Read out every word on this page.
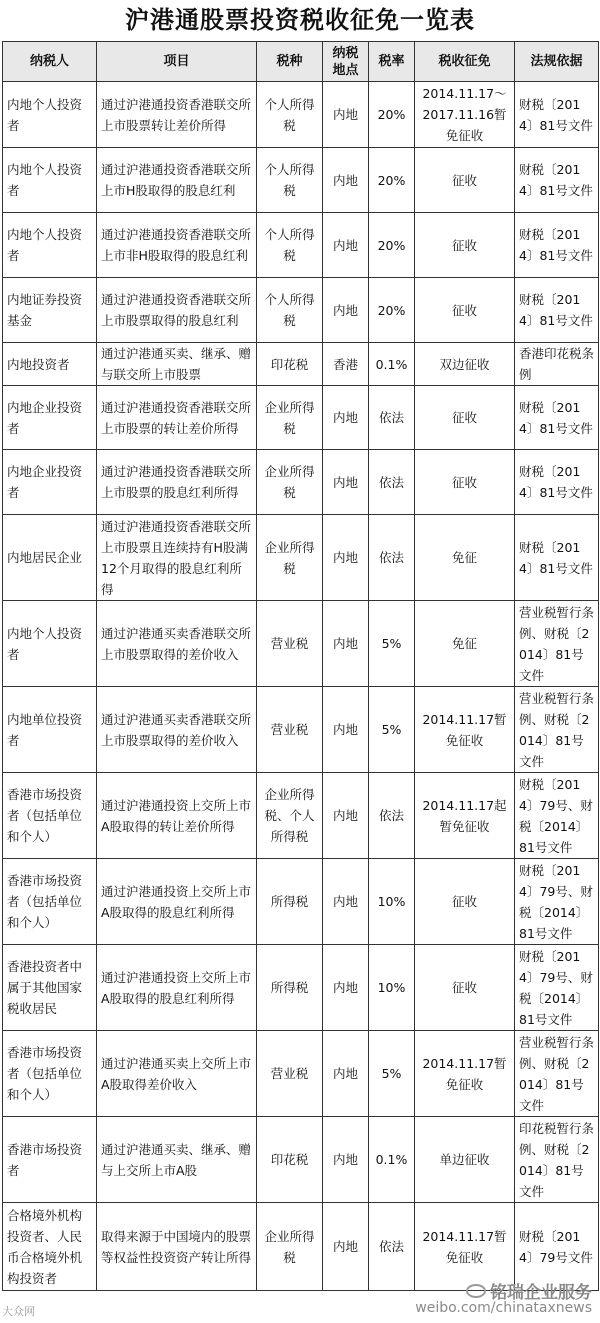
沪港通股票投资税收征免一览表
纳税人	项目	税种	纳税地点	税率	税收征免	法规依据
内地个人投资者	通过沪港通投资香港联交所上市股票转让差价所得	个人所得税	内地	20%	2014.11.17～2017.11.16暂免征收	财税〔2014〕81号文件
内地个人投资者	通过沪港通投资香港联交所上市H股取得的股息红利	个人所得税	内地	20%	征收	财税〔2014〕81号文件
内地个人投资者	通过沪港通投资香港联交所上市非H股取得的股息红利	个人所得税	内地	20%	征收	财税〔2014〕81号文件
内地证券投资基金	通过沪港通投资香港联交所上市股票取得的股息红利	个人所得税	内地	20%	征收	财税〔2014〕81号文件
内地投资者	通过沪港通买卖、继承、赠与联交所上市股票	印花税	香港	0.1%	双边征收	香港印花税条例
内地企业投资者	通过沪港通投资香港联交所上市股票的转让差价所得	企业所得税	内地	依法	征收	财税〔2014〕81号文件
内地企业投资者	通过沪港通投资香港联交所上市股票的股息红利所得	企业所得税	内地	依法	征收	财税〔2014〕81号文件
内地居民企业	通过沪港通投资香港联交所上市股票且连续持有H股满12个月取得的股息红利所得	企业所得税	内地	依法	免征	财税〔2014〕81号文件
内地个人投资者	通过沪港通买卖香港联交所上市股票取得的差价收入	营业税	内地	5%	免征	营业税暂行条例、财税〔2014〕81号文件
内地单位投资者	通过沪港通买卖香港联交所上市股票取得的差价收入	营业税	内地	5%	2014.11.17暂免征收	营业税暂行条例、财税〔2014〕81号文件
香港市场投资者（包括单位和个人）	通过沪港通投资上交所上市A股取得的转让差价所得	企业所得税、个人所得税	内地	依法	2014.11.17起暂免征收	财税〔2014〕79号、财税〔2014〕81号文件
香港市场投资者（包括单位和个人）	通过沪港通投资上交所上市A股取得的股息红利所得	所得税	内地	10%	征收	财税〔2014〕79号、财税〔2014〕81号文件
香港投资者中属于其他国家税收居民	通过沪港通投资上交所上市A股取得的股息红利所得	所得税	内地	10%	征收	财税〔2014〕79号、财税〔2014〕81号文件
香港市场投资者（包括单位和个人）	通过沪港通买卖上交所上市A股取得差价收入	营业税	内地	5%	2014.11.17暂免征收	营业税暂行条例、财税〔2014〕81号文件
香港市场投资者	通过沪港通买卖、继承、赠与上交所上市A股	印花税	内地	0.1%	单边征收	印花税暂行条例、财税〔2014〕81号文件
合格境外机构投资者、人民币合格境外机构投资者	取得来源于中国境内的股票等权益性投资资产转让所得	企业所得税	内地	依法	2014.11.17暂免征收	财税〔2014〕79号文件
铭瑞企业服务
weibo.com/chinataxnews
大众网
